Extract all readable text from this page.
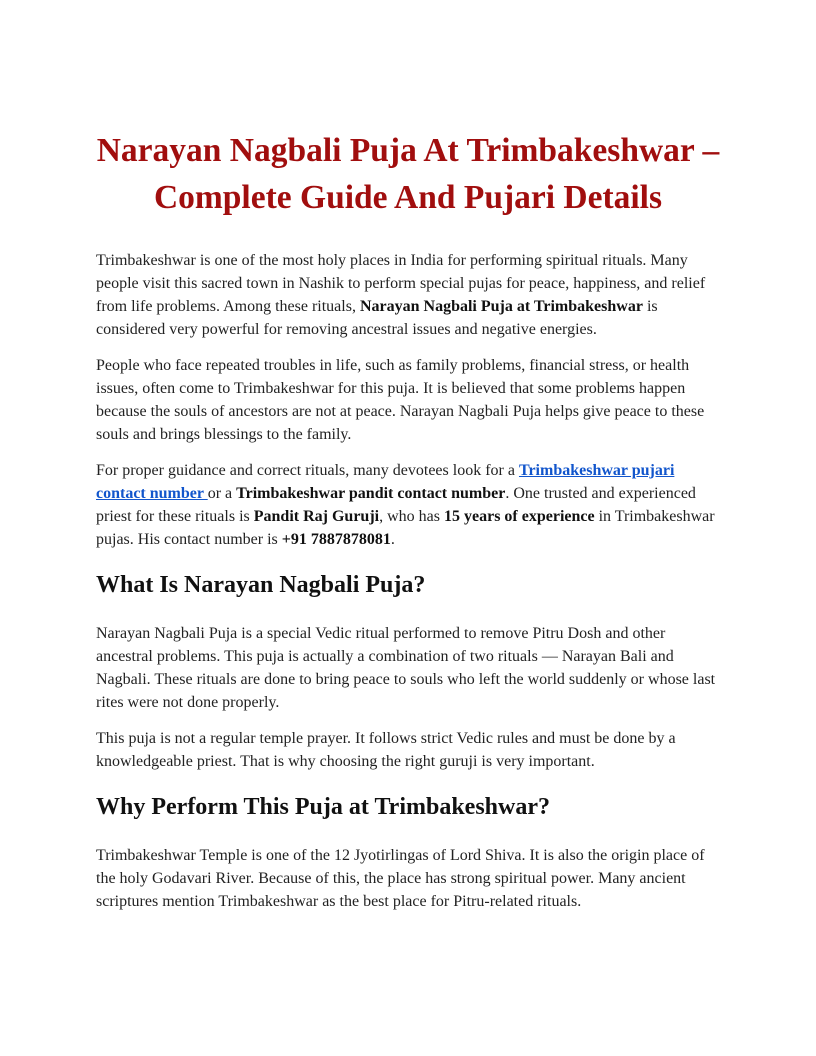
Narayan Nagbali Puja At Trimbakeshwar – Complete Guide And Pujari Details

Trimbakeshwar is one of the most holy places in India for performing spiritual rituals. Many people visit this sacred town in Nashik to perform special pujas for peace, happiness, and relief from life problems. Among these rituals, Narayan Nagbali Puja at Trimbakeshwar is considered very powerful for removing ancestral issues and negative energies.

People who face repeated troubles in life, such as family problems, financial stress, or health issues, often come to Trimbakeshwar for this puja. It is believed that some problems happen because the souls of ancestors are not at peace. Narayan Nagbali Puja helps give peace to these souls and brings blessings to the family.

For proper guidance and correct rituals, many devotees look for a Trimbakeshwar pujari contact number or a Trimbakeshwar pandit contact number. One trusted and experienced priest for these rituals is Pandit Raj Guruji, who has 15 years of experience in Trimbakeshwar pujas. His contact number is +91 7887878081.

What Is Narayan Nagbali Puja?

Narayan Nagbali Puja is a special Vedic ritual performed to remove Pitru Dosh and other ancestral problems. This puja is actually a combination of two rituals — Narayan Bali and Nagbali. These rituals are done to bring peace to souls who left the world suddenly or whose last rites were not done properly.

This puja is not a regular temple prayer. It follows strict Vedic rules and must be done by a knowledgeable priest. That is why choosing the right guruji is very important.

Why Perform This Puja at Trimbakeshwar?

Trimbakeshwar Temple is one of the 12 Jyotirlingas of Lord Shiva. It is also the origin place of the holy Godavari River. Because of this, the place has strong spiritual power. Many ancient scriptures mention Trimbakeshwar as the best place for Pitru-related rituals.
